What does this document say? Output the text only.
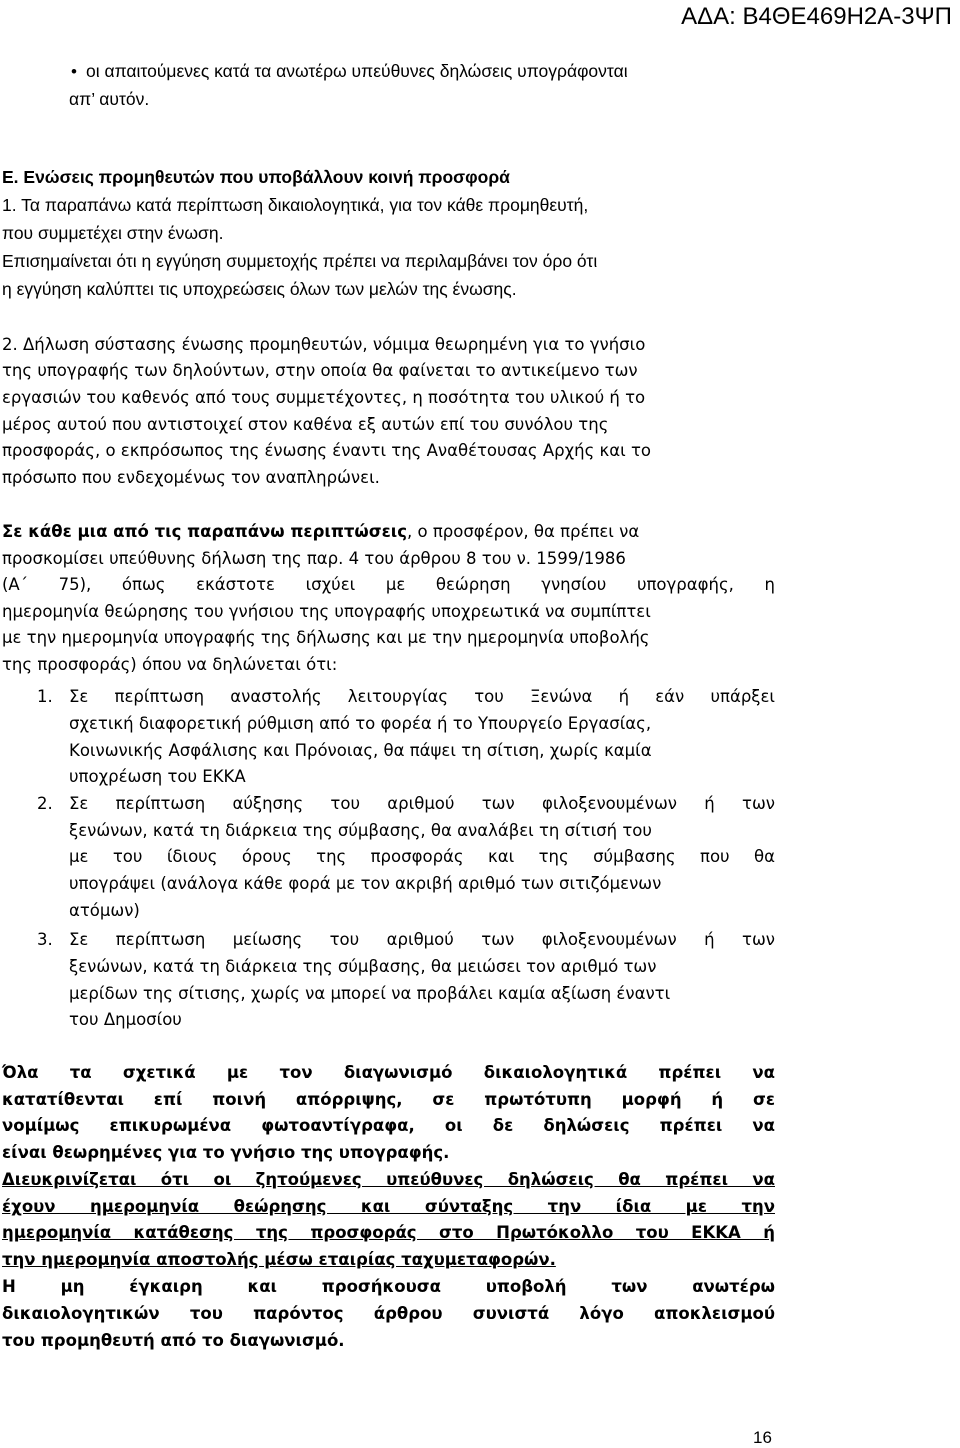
ΑΔΑ: Β4ΘΕ469Η2Α-3ΨΠ
• οι απαιτούμενες κατά τα ανωτέρω υπεύθυνες δηλώσεις υπογράφονται
απ’ αυτόν.
Ε. Ενώσεις προμηθευτών που υποβάλλουν κοινή προσφορά
1. Τα παραπάνω κατά περίπτωση δικαιολογητικά, για τον κάθε προμηθευτή,
που συμμετέχει στην ένωση.
Επισημαίνεται ότι η εγγύηση συμμετοχής πρέπει να περιλαμβάνει τον όρο ότι
η εγγύηση καλύπτει τις υποχρεώσεις όλων των μελών της ένωσης.
2. Δήλωση σύστασης ένωσης προμηθευτών, νόμιμα θεωρημένη για το γνήσιο
της υπογραφής των δηλούντων, στην οποία θα φαίνεται το αντικείμενο των
εργασιών του καθενός από τους συμμετέχοντες, η ποσότητα του υλικού ή το
μέρος αυτού που αντιστοιχεί στον καθένα εξ αυτών επί του συνόλου της
προσφοράς, ο εκπρόσωπος της ένωσης έναντι της Αναθέτουσας Αρχής και το
πρόσωπο που ενδεχομένως τον αναπληρώνει.
Σε κάθε μια από τις παραπάνω περιπτώσεις, ο προσφέρον, θα πρέπει να
προσκομίσει υπεύθυνης δήλωση της παρ. 4 του άρθρου 8 του ν. 1599/1986
(Α΄ 75), όπως εκάστοτε ισχύει με θεώρηση γνησίου υπογραφής, η
ημερομηνία θεώρησης του γνήσιου της υπογραφής υποχρεωτικά να συμπίπτει
με την ημερομηνία υπογραφής της δήλωσης και με την ημερομηνία υποβολής
της προσφοράς) όπου να δηλώνεται ότι:
1. Σε περίπτωση αναστολής λειτουργίας του Ξενώνα ή εάν υπάρξει
σχετική διαφορετική ρύθμιση από το φορέα ή το Υπουργείο Εργασίας,
Κοινωνικής Ασφάλισης και Πρόνοιας, θα πάψει τη σίτιση, χωρίς καμία
υποχρέωση του ΕΚΚΑ
2. Σε περίπτωση αύξησης του αριθμού των φιλοξενουμένων ή των
ξενώνων, κατά τη διάρκεια της σύμβασης, θα αναλάβει τη σίτισή του
με του ίδιους όρους της προσφοράς και της σύμβασης που θα
υπογράψει (ανάλογα κάθε φορά με τον ακριβή αριθμό των σιτιζόμενων
ατόμων)
3. Σε περίπτωση μείωσης του αριθμού των φιλοξενουμένων ή των
ξενώνων, κατά τη διάρκεια της σύμβασης, θα μειώσει τον αριθμό των
μερίδων της σίτισης, χωρίς να μπορεί να προβάλει καμία αξίωση έναντι
του Δημοσίου
Όλα τα σχετικά με τον διαγωνισμό δικαιολογητικά πρέπει να
κατατίθενται επί ποινή απόρριψης, σε πρωτότυπη μορφή ή σε
νομίμως επικυρωμένα φωτοαντίγραφα, οι δε δηλώσεις πρέπει να
είναι θεωρημένες για το γνήσιο της υπογραφής.
Διευκρινίζεται ότι οι ζητούμενες υπεύθυνες δηλώσεις θα πρέπει να
έχουν ημερομηνία θεώρησης και σύνταξης την ίδια με την
ημερομηνία κατάθεσης της προσφοράς στο Πρωτόκολλο του ΕΚΚΑ ή
την ημερομηνία αποστολής μέσω εταιρίας ταχυμεταφορών.
Η μη έγκαιρη και προσήκουσα υποβολή των ανωτέρω
δικαιολογητικών του παρόντος άρθρου συνιστά λόγο αποκλεισμού
του προμηθευτή από το διαγωνισμό.
16
